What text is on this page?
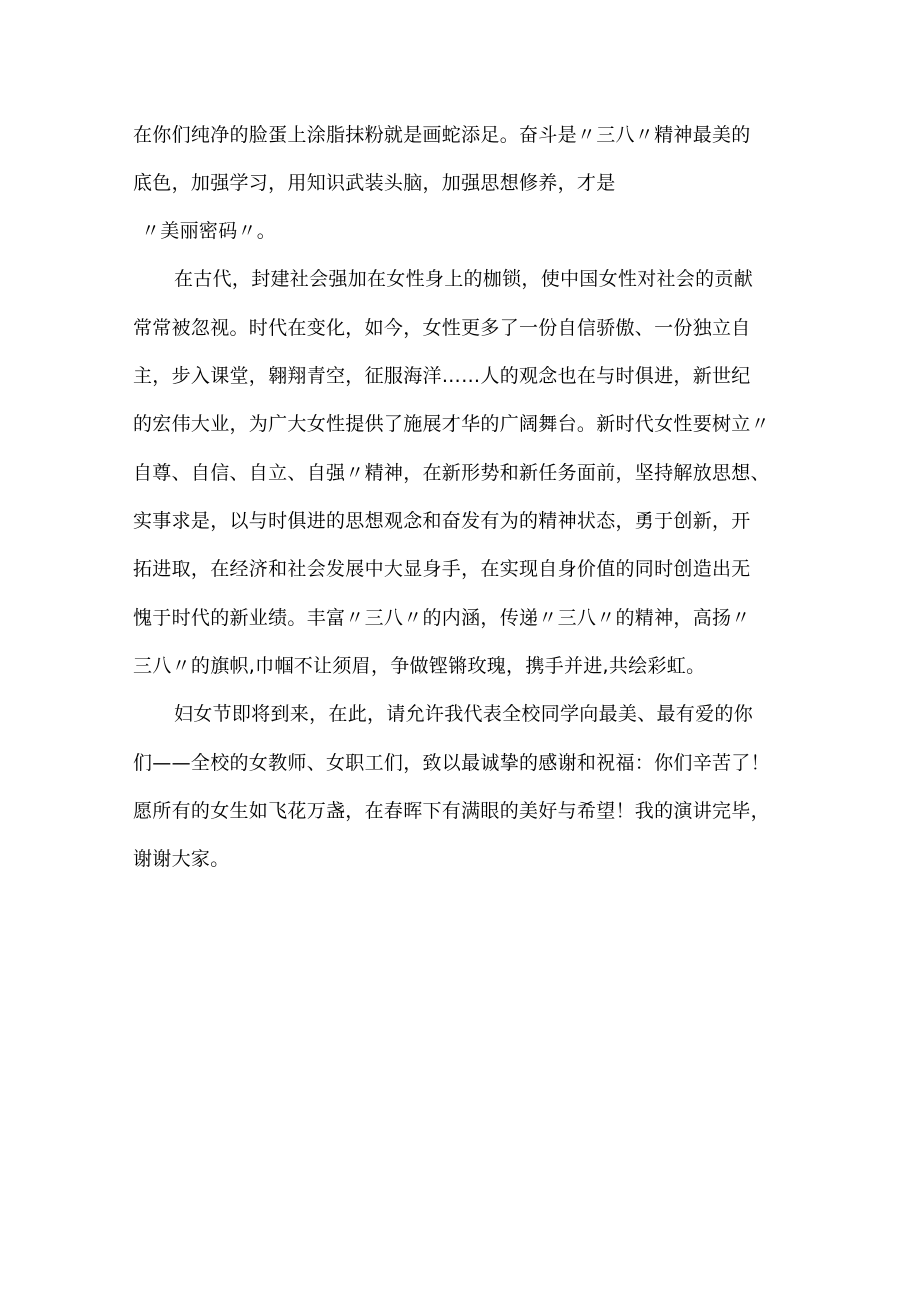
在你们纯净的脸蛋上涂脂抹粉就是画蛇添足。奋斗是〃三八〃精神最美的
底色，加强学习，用知识武装头脑，加强思想修养，才是
〃美丽密码〃。
在古代，封建社会强加在女性身上的枷锁，使中国女性对社会的贡献
常常被忽视。时代在变化，如今，女性更多了一份自信骄傲、一份独立自
主，步入课堂，翱翔青空，征服海洋……人的观念也在与时俱进，新世纪
的宏伟大业，为广大女性提供了施展才华的广阔舞台。新时代女性要树立〃
自尊、自信、自立、自强〃精神，在新形势和新任务面前，坚持解放思想、
实事求是，以与时俱进的思想观念和奋发有为的精神状态，勇于创新，开
拓进取，在经济和社会发展中大显身手，在实现自身价值的同时创造出无
愧于时代的新业绩。丰富〃三八〃的内涵，传递〃三八〃的精神，高扬〃
三八〃的旗帜,巾帼不让须眉，争做铿锵玫瑰，携手并进,共绘彩虹。
妇女节即将到来，在此，请允许我代表全校同学向最美、最有爱的你
们——全校的女教师、女职工们，致以最诚挚的感谢和祝福：你们辛苦了！
愿所有的女生如飞花万盏，在春晖下有满眼的美好与希望！我的演讲完毕，
谢谢大家。
